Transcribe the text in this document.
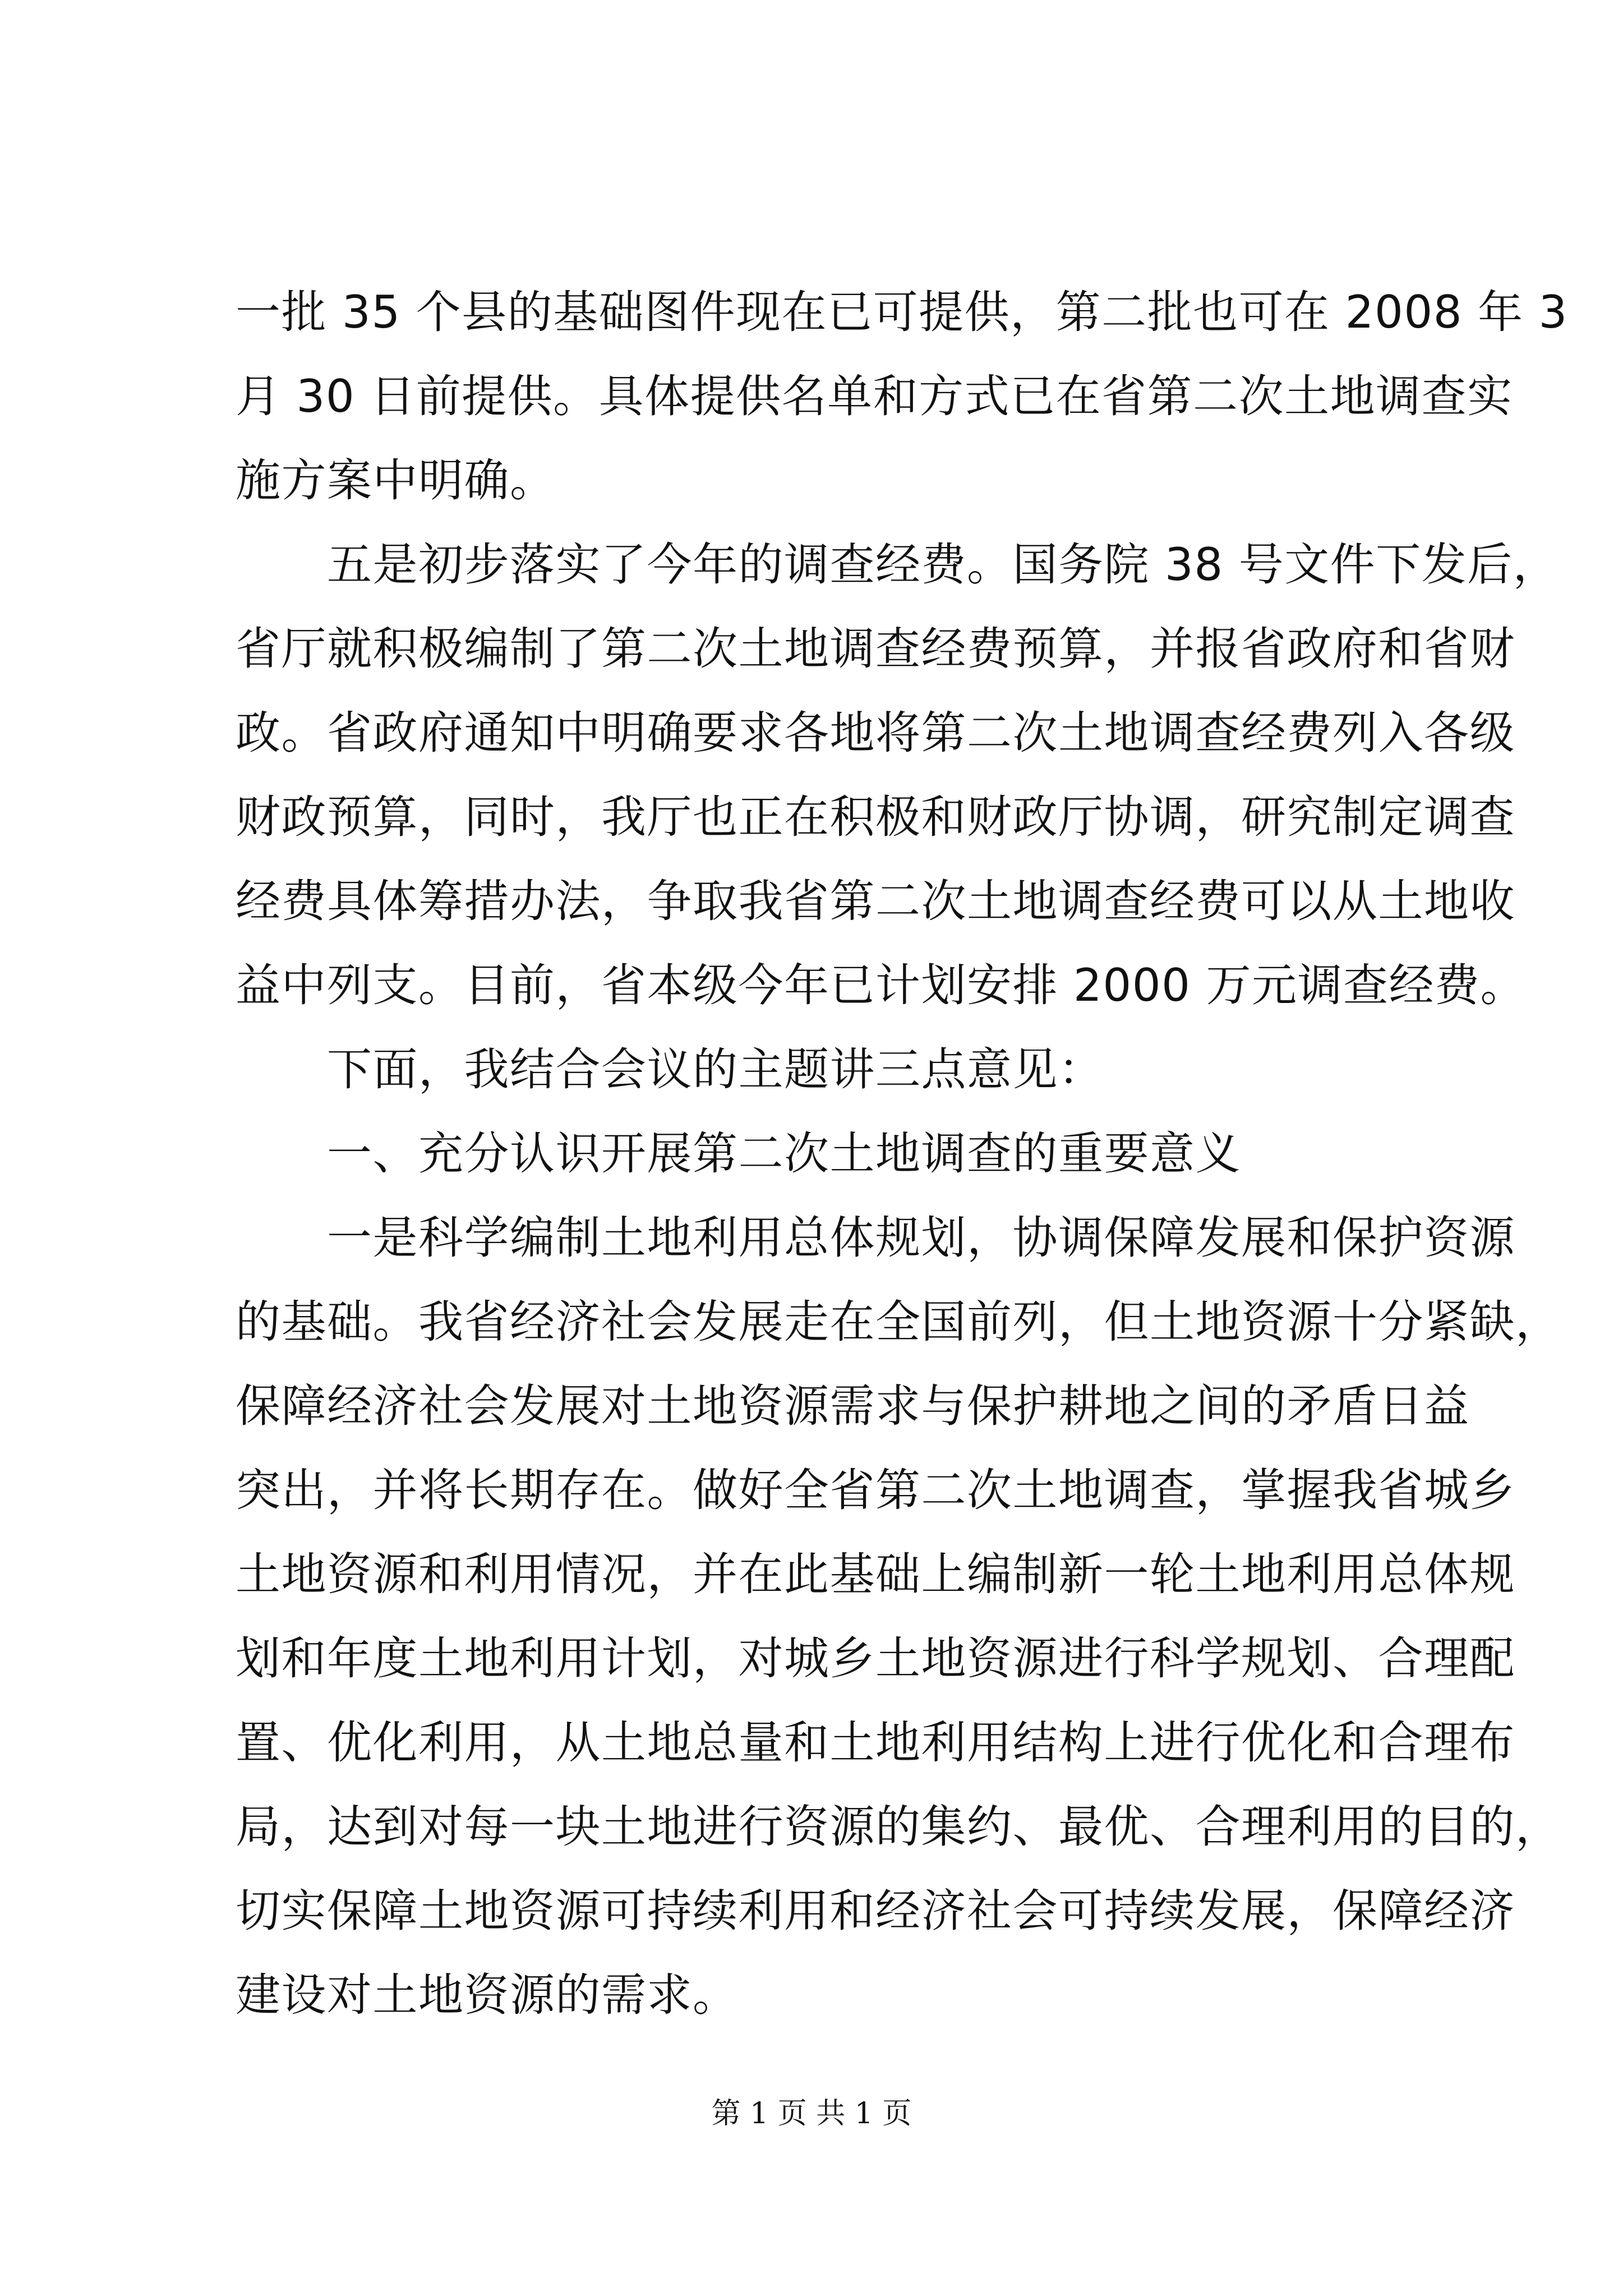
一批 35 个县的基础图件现在已可提供，第二批也可在 2008 年 3

月 30 日前提供。具体提供名单和方式已在省第二次土地调查实

施方案中明确。

　　五是初步落实了今年的调查经费。国务院 38 号文件下发后，

省厅就积极编制了第二次土地调查经费预算，并报省政府和省财

政。省政府通知中明确要求各地将第二次土地调查经费列入各级

财政预算，同时，我厅也正在积极和财政厅协调，研究制定调查

经费具体筹措办法，争取我省第二次土地调查经费可以从土地收

益中列支。目前，省本级今年已计划安排 2000 万元调查经费。

　　下面，我结合会议的主题讲三点意见：

　　一、充分认识开展第二次土地调查的重要意义

　　一是科学编制土地利用总体规划，协调保障发展和保护资源

的基础。我省经济社会发展走在全国前列，但土地资源十分紧缺，

保障经济社会发展对土地资源需求与保护耕地之间的矛盾日益

突出，并将长期存在。做好全省第二次土地调查，掌握我省城乡

土地资源和利用情况，并在此基础上编制新一轮土地利用总体规

划和年度土地利用计划，对城乡土地资源进行科学规划、合理配

置、优化利用，从土地总量和土地利用结构上进行优化和合理布

局，达到对每一块土地进行资源的集约、最优、合理利用的目的，

切实保障土地资源可持续利用和经济社会可持续发展，保障经济

建设对土地资源的需求。

第 1 页 共 1 页
